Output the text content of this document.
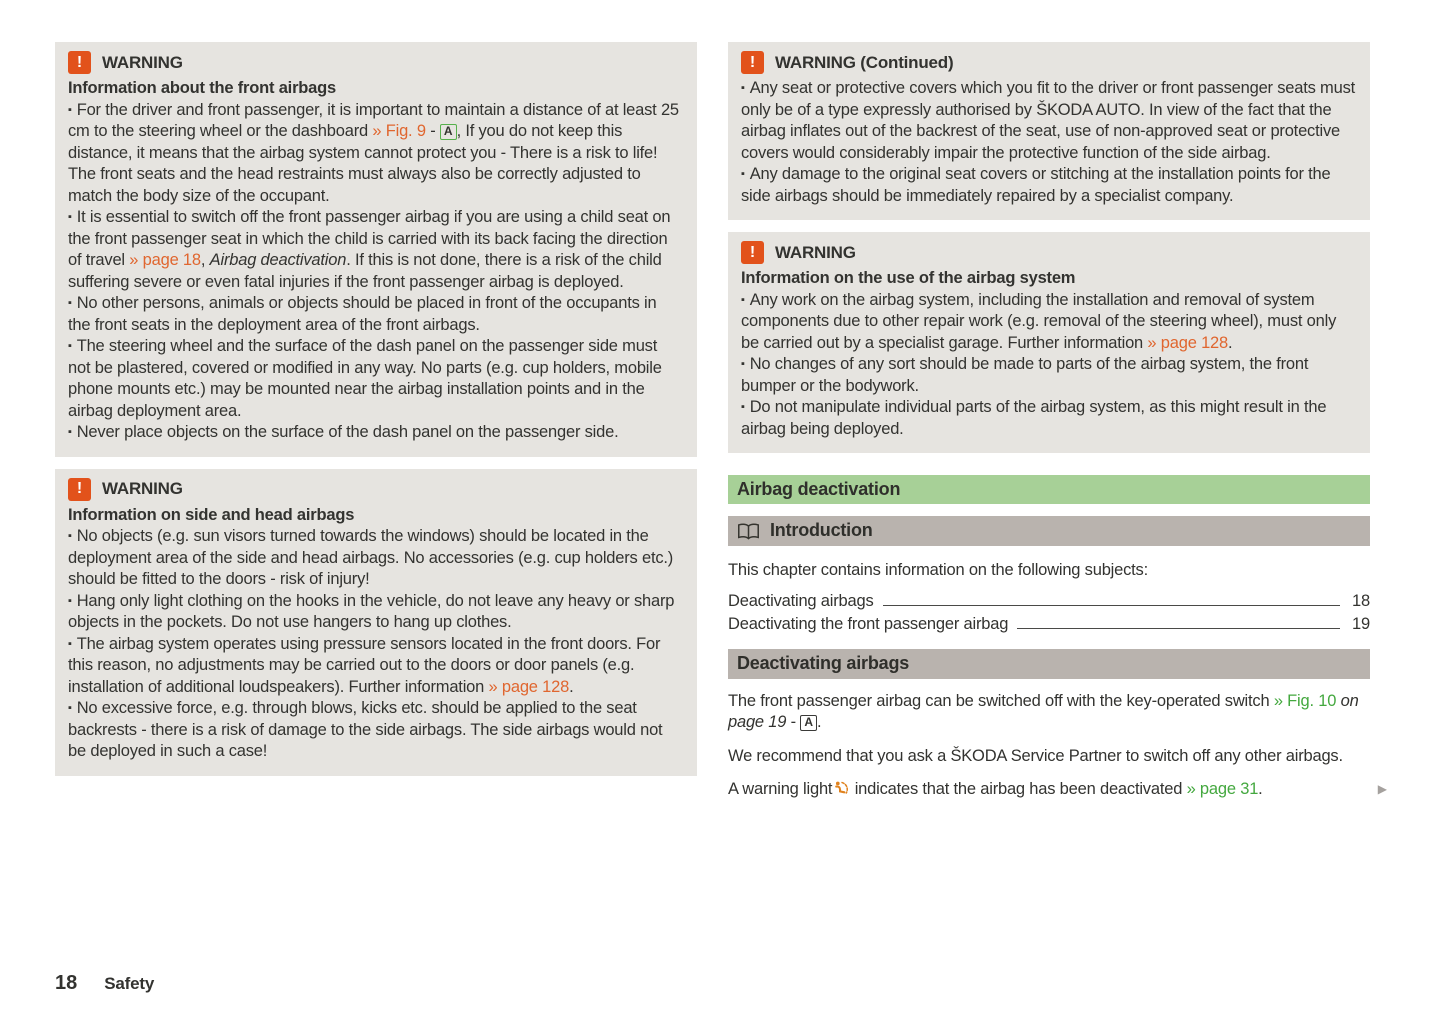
!	WARNING

Information about the front airbags

▪ For the driver and front passenger, it is important to maintain a distance of at least 25 cm to the steering wheel or the dashboard » Fig. 9 - A , If you do not keep this distance, it means that the airbag system cannot protect you - There is a risk to life! The front seats and the head restraints must always also be correctly adjusted to match the body size of the occupant.

▪ It is essential to switch off the front passenger airbag if you are using a child seat on the front passenger seat in which the child is carried with its back facing the direction of travel » page 18, Airbag deactivation. If this is not done, there is a risk of the child suffering severe or even fatal injuries if the front passenger airbag is deployed.

▪ No other persons, animals or objects should be placed in front of the occupants in the front seats in the deployment area of the front airbags.

▪ The steering wheel and the surface of the dash panel on the passenger side must not be plastered, covered or modified in any way. No parts (e.g. cup holders, mobile phone mounts etc.) may be mounted near the airbag installation points and in the airbag deployment area.

▪ Never place objects on the surface of the dash panel on the passenger side.

!	WARNING

Information on side and head airbags

▪ No objects (e.g. sun visors turned towards the windows) should be located in the deployment area of the side and head airbags. No accessories (e.g. cup holders etc.) should be fitted to the doors - risk of injury!

▪ Hang only light clothing on the hooks in the vehicle, do not leave any heavy or sharp objects in the pockets. Do not use hangers to hang up clothes.

▪ The airbag system operates using pressure sensors located in the front doors. For this reason, no adjustments may be carried out to the doors or door panels (e.g. installation of additional loudspeakers). Further information » page 128.

▪ No excessive force, e.g. through blows, kicks etc. should be applied to the seat backrests - there is a risk of damage to the side airbags. The side airbags would not be deployed in such a case!

!	WARNING (Continued)

▪ Any seat or protective covers which you fit to the driver or front passenger seats must only be of a type expressly authorised by ŠKODA AUTO. In view of the fact that the airbag inflates out of the backrest of the seat, use of non-approved seat or protective covers would considerably impair the protective function of the side airbag.

▪ Any damage to the original seat covers or stitching at the installation points for the side airbags should be immediately repaired by a specialist company.

!	WARNING

Information on the use of the airbag system

▪ Any work on the airbag system, including the installation and removal of system components due to other repair work (e.g. removal of the steering wheel), must only be carried out by a specialist garage. Further information » page 128.

▪ No changes of any sort should be made to parts of the airbag system, the front bumper or the bodywork.

▪ Do not manipulate individual parts of the airbag system, as this might result in the airbag being deployed.

Airbag deactivation
Introduction

This chapter contains information on the following subjects:

Deactivating airbags	18
Deactivating the front passenger airbag	19
Deactivating airbags

The front passenger airbag can be switched off with the key-operated switch » Fig. 10 on page 19 - A .

We recommend that you ask a ŠKODA Service Partner to switch off any other airbags.

A warning light indicates that the airbag has been deactivated » page 31.	▶

18 Safety
